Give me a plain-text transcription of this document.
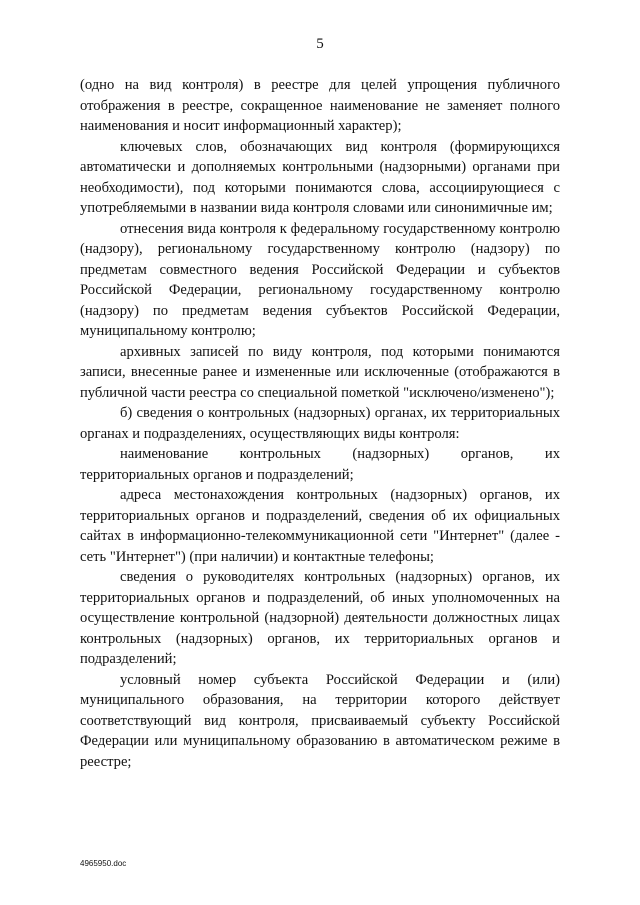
5

(одно на вид контроля) в реестре для целей упрощения публичного отображения в реестре, сокращенное наименование не заменяет полного наименования и носит информационный характер);

ключевых слов, обозначающих вид контроля (формирующихся автоматически и дополняемых контрольными (надзорными) органами при необходимости), под которыми понимаются слова, ассоциирующиеся с употребляемыми в названии вида контроля словами или синонимичные им;

отнесения вида контроля к федеральному государственному контролю (надзору), региональному государственному контролю (надзору) по предметам совместного ведения Российской Федерации и субъектов Российской Федерации, региональному государственному контролю (надзору) по предметам ведения субъектов Российской Федерации, муниципальному контролю;

архивных записей по виду контроля, под которыми понимаются записи, внесенные ранее и измененные или исключенные (отображаются в публичной части реестра со специальной пометкой "исключено/изменено");

б) сведения о контрольных (надзорных) органах, их территориальных органах и подразделениях, осуществляющих виды контроля:

наименование контрольных (надзорных) органов, их территориальных органов и подразделений;

адреса местонахождения контрольных (надзорных) органов, их территориальных органов и подразделений, сведения об их официальных сайтах в информационно-телекоммуникационной сети "Интернет" (далее - сеть "Интернет") (при наличии) и контактные телефоны;

сведения о руководителях контрольных (надзорных) органов, их территориальных органов и подразделений, об иных уполномоченных на осуществление контрольной (надзорной) деятельности должностных лицах контрольных (надзорных) органов, их территориальных органов и подразделений;

условный номер субъекта Российской Федерации и (или) муниципального образования, на территории которого действует соответствующий вид контроля, присваиваемый субъекту Российской Федерации или муниципальному образованию в автоматическом режиме в реестре;

4965950.doc
